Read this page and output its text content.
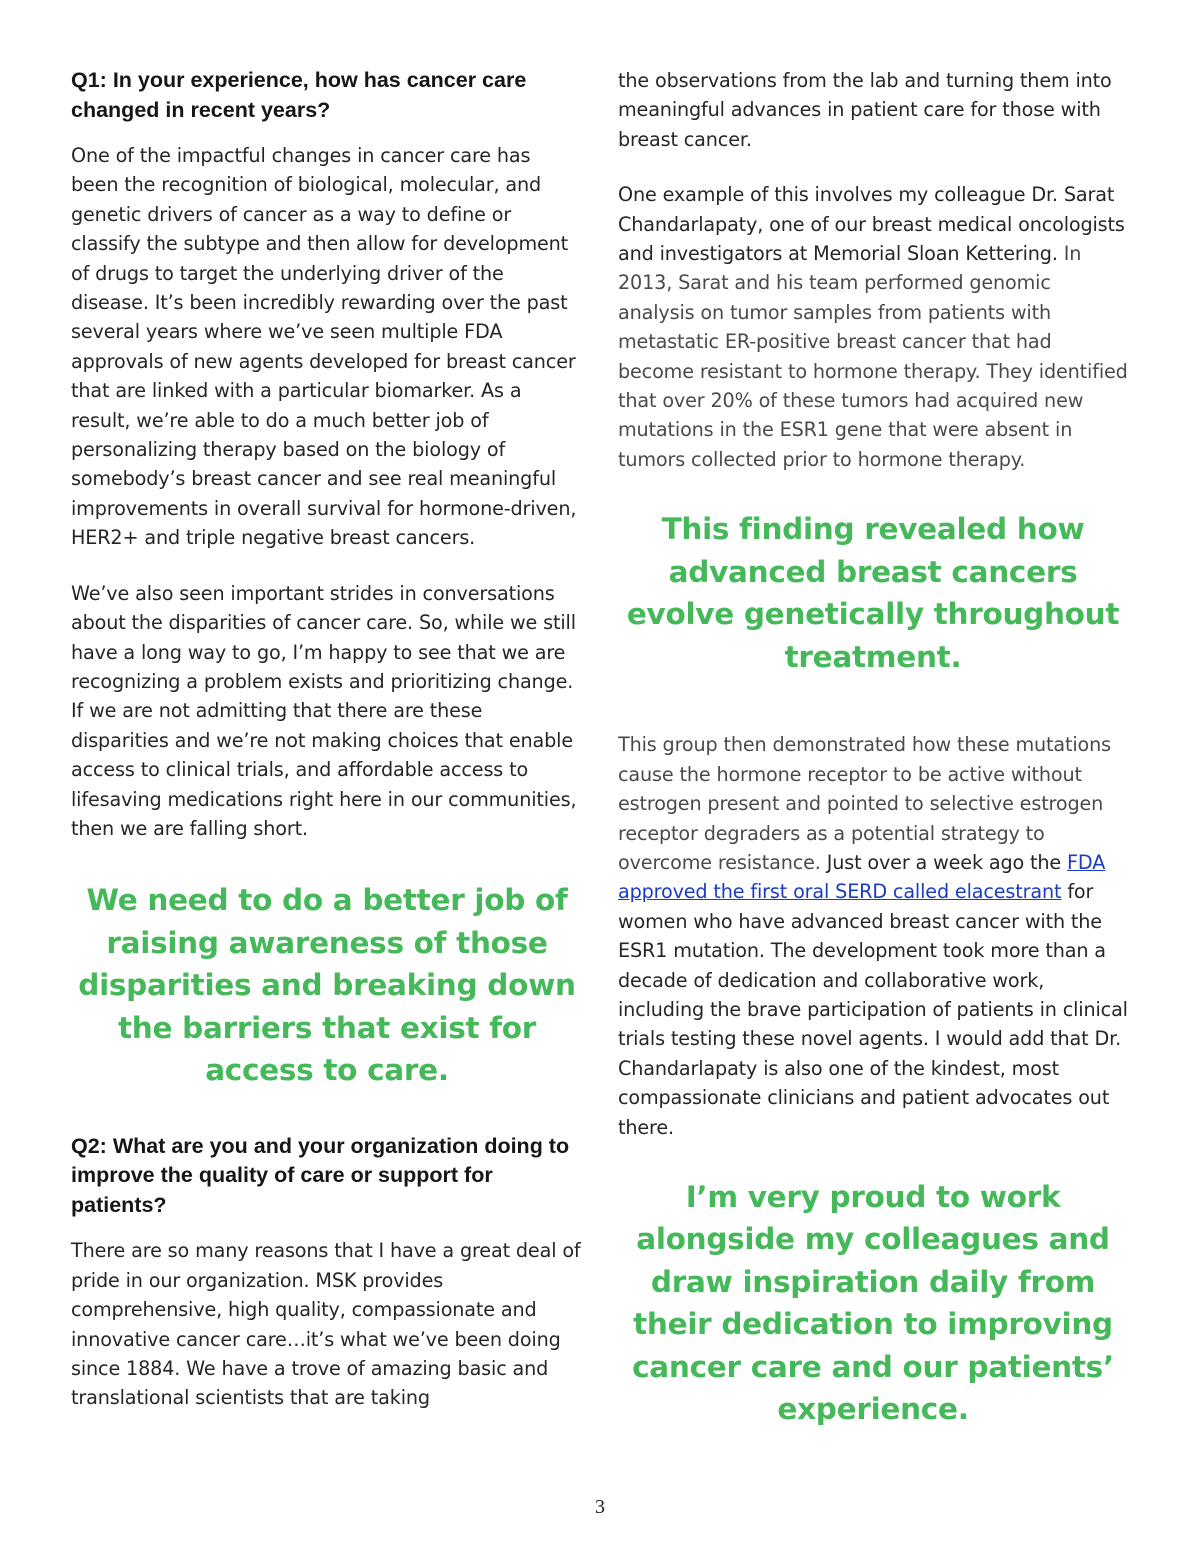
Q1: In your experience, how has cancer care changed in recent years?

One of the impactful changes in cancer care has been the recognition of biological, molecular, and genetic drivers of cancer as a way to define or classify the subtype and then allow for development of drugs to target the underlying driver of the disease. It’s been incredibly rewarding over the past several years where we’ve seen multiple FDA approvals of new agents developed for breast cancer that are linked with a particular biomarker. As a result, we’re able to do a much better job of personalizing therapy based on the biology of somebody’s breast cancer and see real meaningful improvements in overall survival for hormone-driven, HER2+ and triple negative breast cancers.

We’ve also seen important strides in conversations about the disparities of cancer care. So, while we still have a long way to go, I’m happy to see that we are recognizing a problem exists and prioritizing change. If we are not admitting that there are these disparities and we’re not making choices that enable access to clinical trials, and affordable access to lifesaving medications right here in our communities, then we are falling short.

We need to do a better job of raising awareness of those disparities and breaking down the barriers that exist for access to care.
Q2: What are you and your organization doing to improve the quality of care or support for patients?

There are so many reasons that I have a great deal of pride in our organization. MSK provides comprehensive, high quality, compassionate and innovative cancer care…it’s what we’ve been doing since 1884. We have a trove of amazing basic and translational scientists that are taking

the observations from the lab and turning them into meaningful advances in patient care for those with breast cancer.

One example of this involves my colleague Dr. Sarat Chandarlapaty, one of our breast medical oncologists and investigators at Memorial Sloan Kettering. In 2013, Sarat and his team performed genomic analysis on tumor samples from patients with metastatic ER-positive breast cancer that had become resistant to hormone therapy. They identified that over 20% of these tumors had acquired new mutations in the ESR1 gene that were absent in tumors collected prior to hormone therapy.

This finding revealed how advanced breast cancers evolve genetically throughout treatment.

This group then demonstrated how these mutations cause the hormone receptor to be active without estrogen present and pointed to selective estrogen receptor degraders as a potential strategy to overcome resistance. Just over a week ago the FDA approved the first oral SERD called elacestrant for women who have advanced breast cancer with the ESR1 mutation. The development took more than a decade of dedication and collaborative work, including the brave participation of patients in clinical trials testing these novel agents. I would add that Dr. Chandarlapaty is also one of the kindest, most compassionate clinicians and patient advocates out there.

I’m very proud to work alongside my colleagues and draw inspiration daily from their dedication to improving cancer care and our patients’ experience.
3
